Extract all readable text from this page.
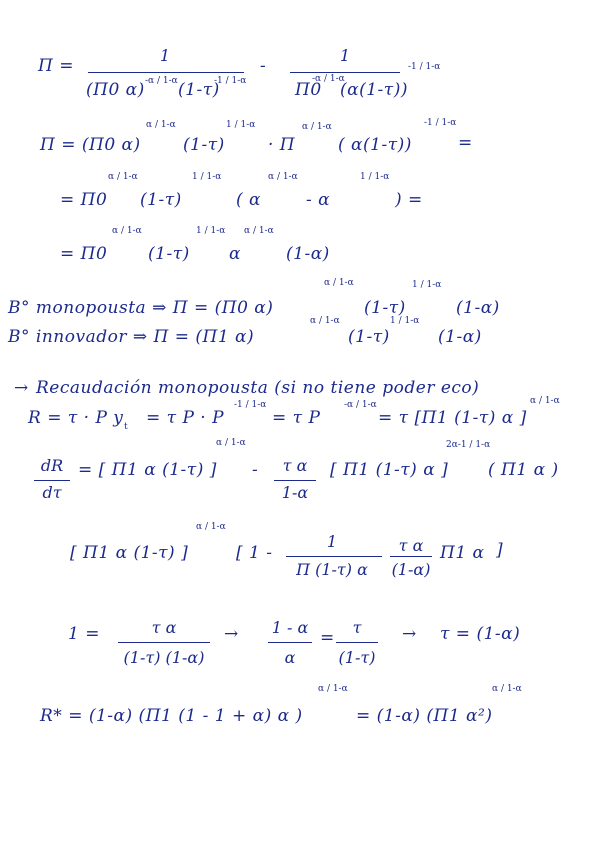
Π =
1
(Π0 α) -α / 1-α (1-τ)
-1 / 1-α
-
1
Π0
-α / 1-α
(α(1-τ))
-1 / 1-α
Π = (Π0 α)
α / 1-α
(1-τ)
1 / 1-α
· Π
α / 1-α
( α(1-τ))
-1 / 1-α
=
= Π0
α / 1-α
(1-τ)
1 / 1-α
( α
α / 1-α
- α
1 / 1-α
) =
= Π0
α / 1-α
(1-τ)
1 / 1-α
α
α / 1-α
(1-α)
B° monopousta ⇒ Π = (Π0 α)
α / 1-α
(1-τ)
1 / 1-α
(1-α)
B° innovador ⇒ Π = (Π1 α)
α / 1-α
(1-τ)
1 / 1-α
(1-α)
→ Recaudación monopousta (si no tiene poder eco)
R = τ · P y t = τ P · P
-1 / 1-α
= τ P
-α / 1-α
= τ [Π1 (1-τ) α ]
α / 1-α
dR
dτ
= [ Π1 α (1-τ) ]
α / 1-α
-	τ α
1-α
[ Π1 (1-τ) α ]
2α-1 / 1-α
( Π1 α )
[ Π1 α (1-τ) ]
α / 1-α
[ 1 -
1
Π (1-τ) α
τ α
(1-α)
Π1 α ]
1 =	τ α
(1-τ) (1-α)
→	1 - α
α
=
τ
(1-τ)
→ τ = (1-α)
R* = (1-α) (Π1 (1 - 1 + α) α )
α / 1-α
= (1-α) (Π1 α²)
α / 1-α
